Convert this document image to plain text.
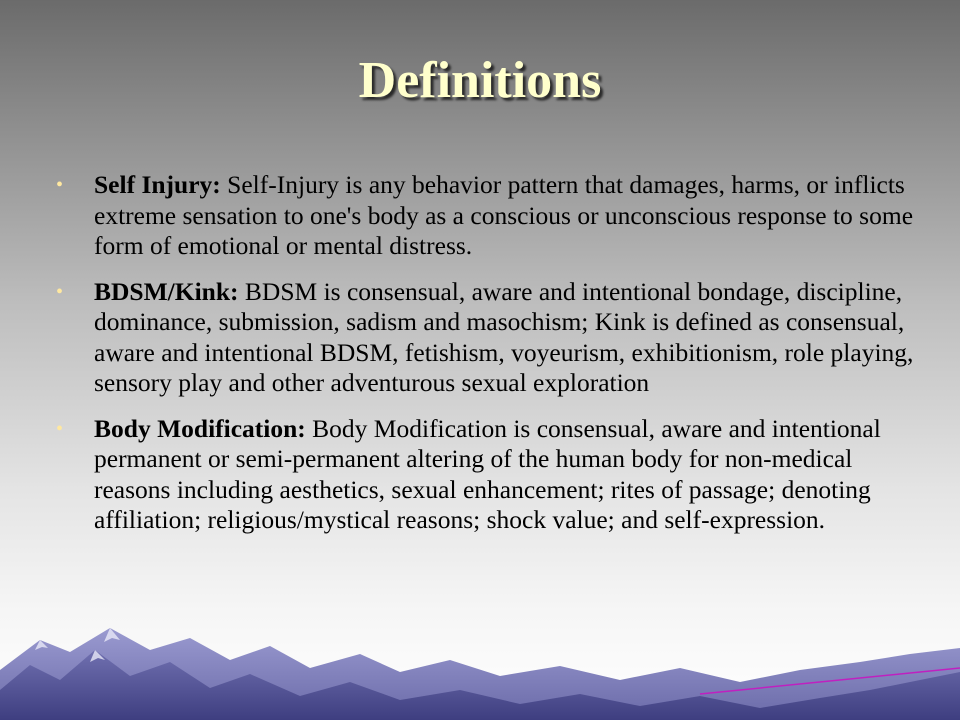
Definitions
• Self Injury: Self-Injury is any behavior pattern that damages, harms, or inflicts extreme sensation to one's body as a conscious or unconscious response to some form of emotional or mental distress.
• BDSM/Kink: BDSM is consensual, aware and intentional bondage, discipline, dominance, submission, sadism and masochism; Kink is defined as consensual, aware and intentional BDSM, fetishism, voyeurism, exhibitionism, role playing, sensory play and other adventurous sexual exploration
• Body Modification: Body Modification is consensual, aware and intentional permanent or semi-permanent altering of the human body for non-medical reasons including aesthetics, sexual enhancement; rites of passage; denoting affiliation; religious/mystical reasons; shock value; and self-expression.
